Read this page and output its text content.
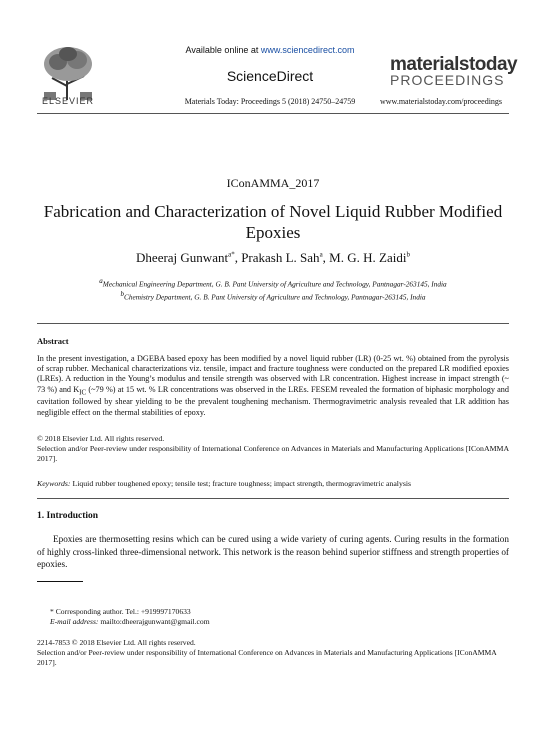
ELSEVIER
Available online at www.sciencedirect.com
ScienceDirect
Materials Today: Proceedings 5 (2018) 24750–24759
materialstoday
PROCEEDINGS
www.materialstoday.com/proceedings
IConAMMA_2017
Fabrication and Characterization of Novel Liquid Rubber Modified
Epoxies
Dheeraj Gunwant$^{a*}$, Prakash L. Sah$^a$, M. G. H. Zaidi$^b$
$^a$Mechanical Engineering Department, G. B. Pant University of Agriculture and Technology, Pantnagar-263145, India
$^b$Chemistry Department, G. B. Pant University of Agriculture and Technology, Pantnagar-263145, India
Abstract
In the present investigation, a DGEBA based epoxy has been modified by a novel liquid rubber (LR) (0-25 wt. %) obtained from the pyrolysis of scrap rubber. Mechanical characterizations viz. tensile, impact and fracture toughness were conducted on the prepared LR modified epoxies (LREs). A reduction in the Young’s modulus and tensile strength was observed with LR concentration. Highest increase in impact strength (~ 73 %) and $K_{IC}$ (~79 %) at 15 wt. % LR concentrations was observed in the LREs. FESEM revealed the formation of biphasic morphology and cavitation followed by shear yielding to be the prevalent toughening mechanism. Thermogravimetric analysis revealed that LR addition has negligible effect on the thermal stabilities of epoxy.
© 2018 Elsevier Ltd. All rights reserved.
Selection and/or Peer-review under responsibility of International Conference on Advances in Materials and Manufacturing Applications [IConAMMA 2017].
Keywords: Liquid rubber toughened epoxy; tensile test; fracture toughness; impact strength, thermogravimetric analysis
1. Introduction
Epoxies are thermosetting resins which can be cured using a wide variety of curing agents. Curing results in the formation of highly cross-linked three-dimensional network. This network is the reason behind superior stiffness and strength properties of epoxies.
* Corresponding author. Tel.: +919997170633
E-mail address: mailto:dheerajgunwant@gmail.com
2214-7853 © 2018 Elsevier Ltd. All rights reserved.
Selection and/or Peer-review under responsibility of International Conference on Advances in Materials and Manufacturing Applications [IConAMMA 2017].
